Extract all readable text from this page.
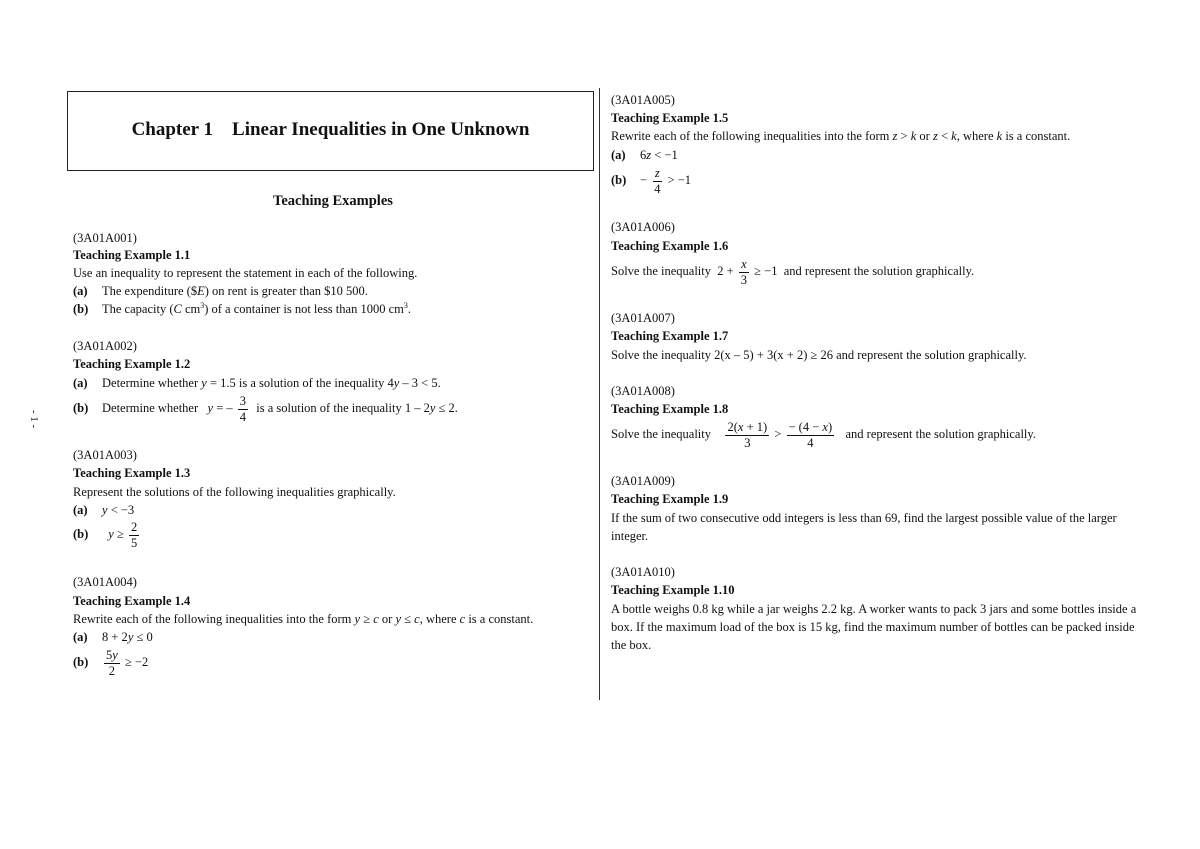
- 1 -
Chapter 1    Linear Inequalities in One Unknown
Teaching Examples
(3A01A001)
Teaching Example 1.1
Use an inequality to represent the statement in each of the following.
(a) The expenditure ($E) on rent is greater than $10 500.
(b) The capacity (C $cm^3$) of a container is not less than 1000 $cm^3$.
(3A01A002)
Teaching Example 1.2
(a) Determine whether y = 1.5 is a solution of the inequality 4y – 3 < 5.
(b) Determine whether   y = – $\frac{3}{4}$ is a solution of the inequality 1 – 2y ≤ 2.
(3A01A003)
Teaching Example 1.3
Represent the solutions of the following inequalities graphically.
(a) y < −3
(b) $y \ge \frac{2}{5}$
(3A01A004)
Teaching Example 1.4
Rewrite each of the following inequalities into the form y ≥ c or y ≤ c, where c is a constant.
(a) 8 + 2y ≤ 0
$(b) \frac{5y}{2} \ge -2$
(3A01A005)
Teaching Example 1.5
Rewrite each of the following inequalities into the form z > k or z < k, where k is a constant.
(a) 6z < −1
$(b) - \frac{z}{4} > -1$
(3A01A006)
Teaching Example 1.6
Solve the inequality  $2 + \frac{x}{3} \ge -1$  and represent the solution graphically.
(3A01A007)
Teaching Example 1.7
Solve the inequality 2(x – 5) + 3(x + 2) ≥ 26 and represent the solution graphically.
(3A01A008)
Teaching Example 1.8
Solve the inequality $\frac{2(x + 1)}{3} > \frac{- (4 - x)}{4}$ and represent the solution graphically.
(3A01A009)
Teaching Example 1.9
If the sum of two consecutive odd integers is less than 69, find the largest possible value of the larger
integer.
(3A01A010)
Teaching Example 1.10
A bottle weighs 0.8 kg while a jar weighs 2.2 kg. A worker wants to pack 3 jars and some bottles inside a
box. If the maximum load of the box is 15 kg, find the maximum number of bottles can be packed inside
the box.
